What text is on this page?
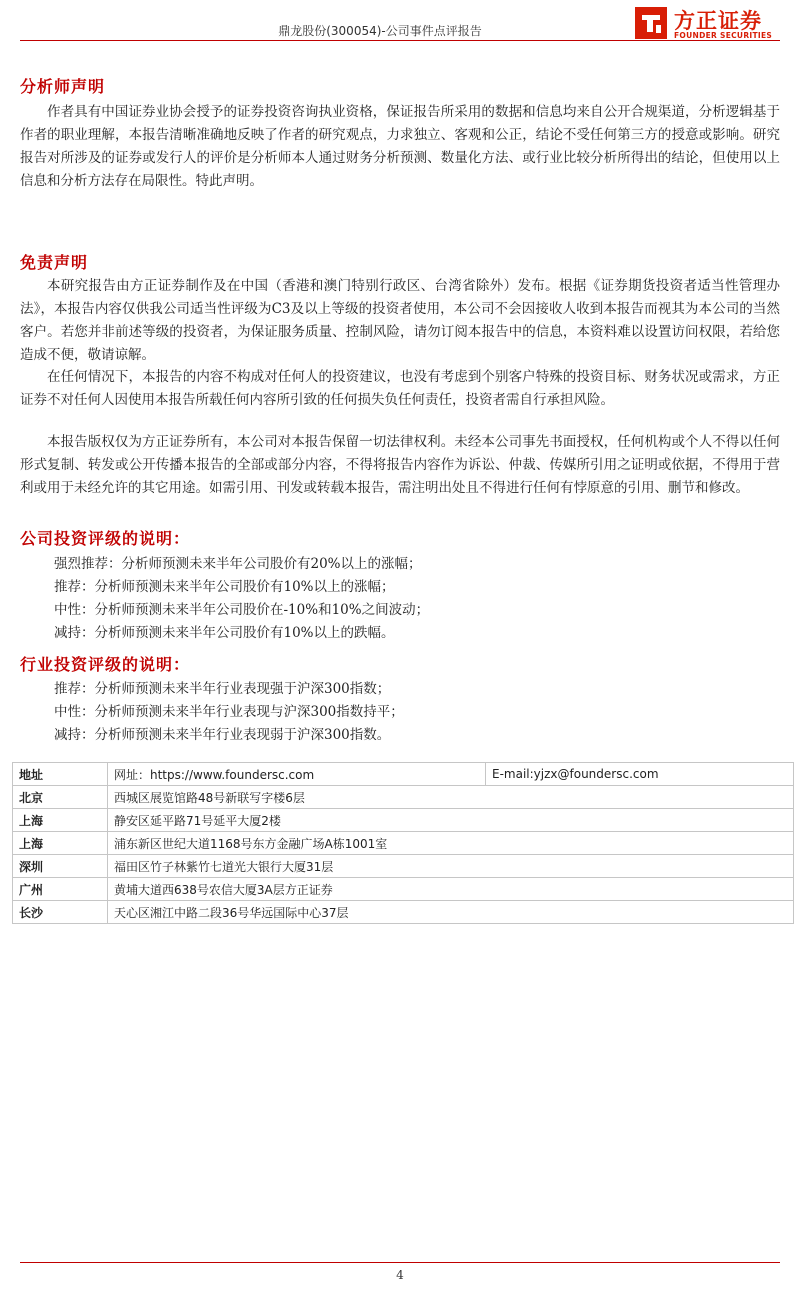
鼎龙股份(300054)-公司事件点评报告	方正证券
FOUNDER SECURITIES
分析师声明

作者具有中国证券业协会授予的证券投资咨询执业资格，保证报告所采用的数据和信息均来自公开合规渠道，分析逻辑基于作者的职业理解，本报告清晰准确地反映了作者的研究观点，力求独立、客观和公正，结论不受任何第三方的授意或影响。研究报告对所涉及的证券或发行人的评价是分析师本人通过财务分析预测、数量化方法、或行业比较分析所得出的结论，但使用以上信息和分析方法存在局限性。特此声明。

免责声明

本研究报告由方正证券制作及在中国（香港和澳门特别行政区、台湾省除外）发布。根据《证券期货投资者适当性管理办法》，本报告内容仅供我公司适当性评级为C3及以上等级的投资者使用，本公司不会因接收人收到本报告而视其为本公司的当然客户。若您并非前述等级的投资者，为保证服务质量、控制风险，请勿订阅本报告中的信息，本资料难以设置访问权限，若给您造成不便，敬请谅解。

在任何情况下，本报告的内容不构成对任何人的投资建议，也没有考虑到个别客户特殊的投资目标、财务状况或需求，方正证券不对任何人因使用本报告所载任何内容所引致的任何损失负任何责任，投资者需自行承担风险。

本报告版权仅为方正证券所有，本公司对本报告保留一切法律权利。未经本公司事先书面授权，任何机构或个人不得以任何形式复制、转发或公开传播本报告的全部或部分内容，不得将报告内容作为诉讼、仲裁、传媒所引用之证明或依据，不得用于营利或用于未经允许的其它用途。如需引用、刊发或转载本报告，需注明出处且不得进行任何有悖原意的引用、删节和修改。

公司投资评级的说明：
强烈推荐：分析师预测未来半年公司股价有20%以上的涨幅；
推荐：分析师预测未来半年公司股价有10%以上的涨幅；
中性：分析师预测未来半年公司股价在-10%和10%之间波动；
减持：分析师预测未来半年公司股价有10%以上的跌幅。
行业投资评级的说明：
推荐：分析师预测未来半年行业表现强于沪深300指数；
中性：分析师预测未来半年行业表现与沪深300指数持平；
减持：分析师预测未来半年行业表现弱于沪深300指数。
地址	网址：https://www.foundersc.com	E-mail:yjzx@foundersc.com
北京	西城区展览馆路48号新联写字楼6层	
上海	静安区延平路71号延平大厦2楼	
上海	浦东新区世纪大道1168号东方金融广场A栋1001室	
深圳	福田区竹子林紫竹七道光大银行大厦31层	
广州	黄埔大道西638号农信大厦3A层方正证券	
长沙	天心区湘江中路二段36号华远国际中心37层	
4
